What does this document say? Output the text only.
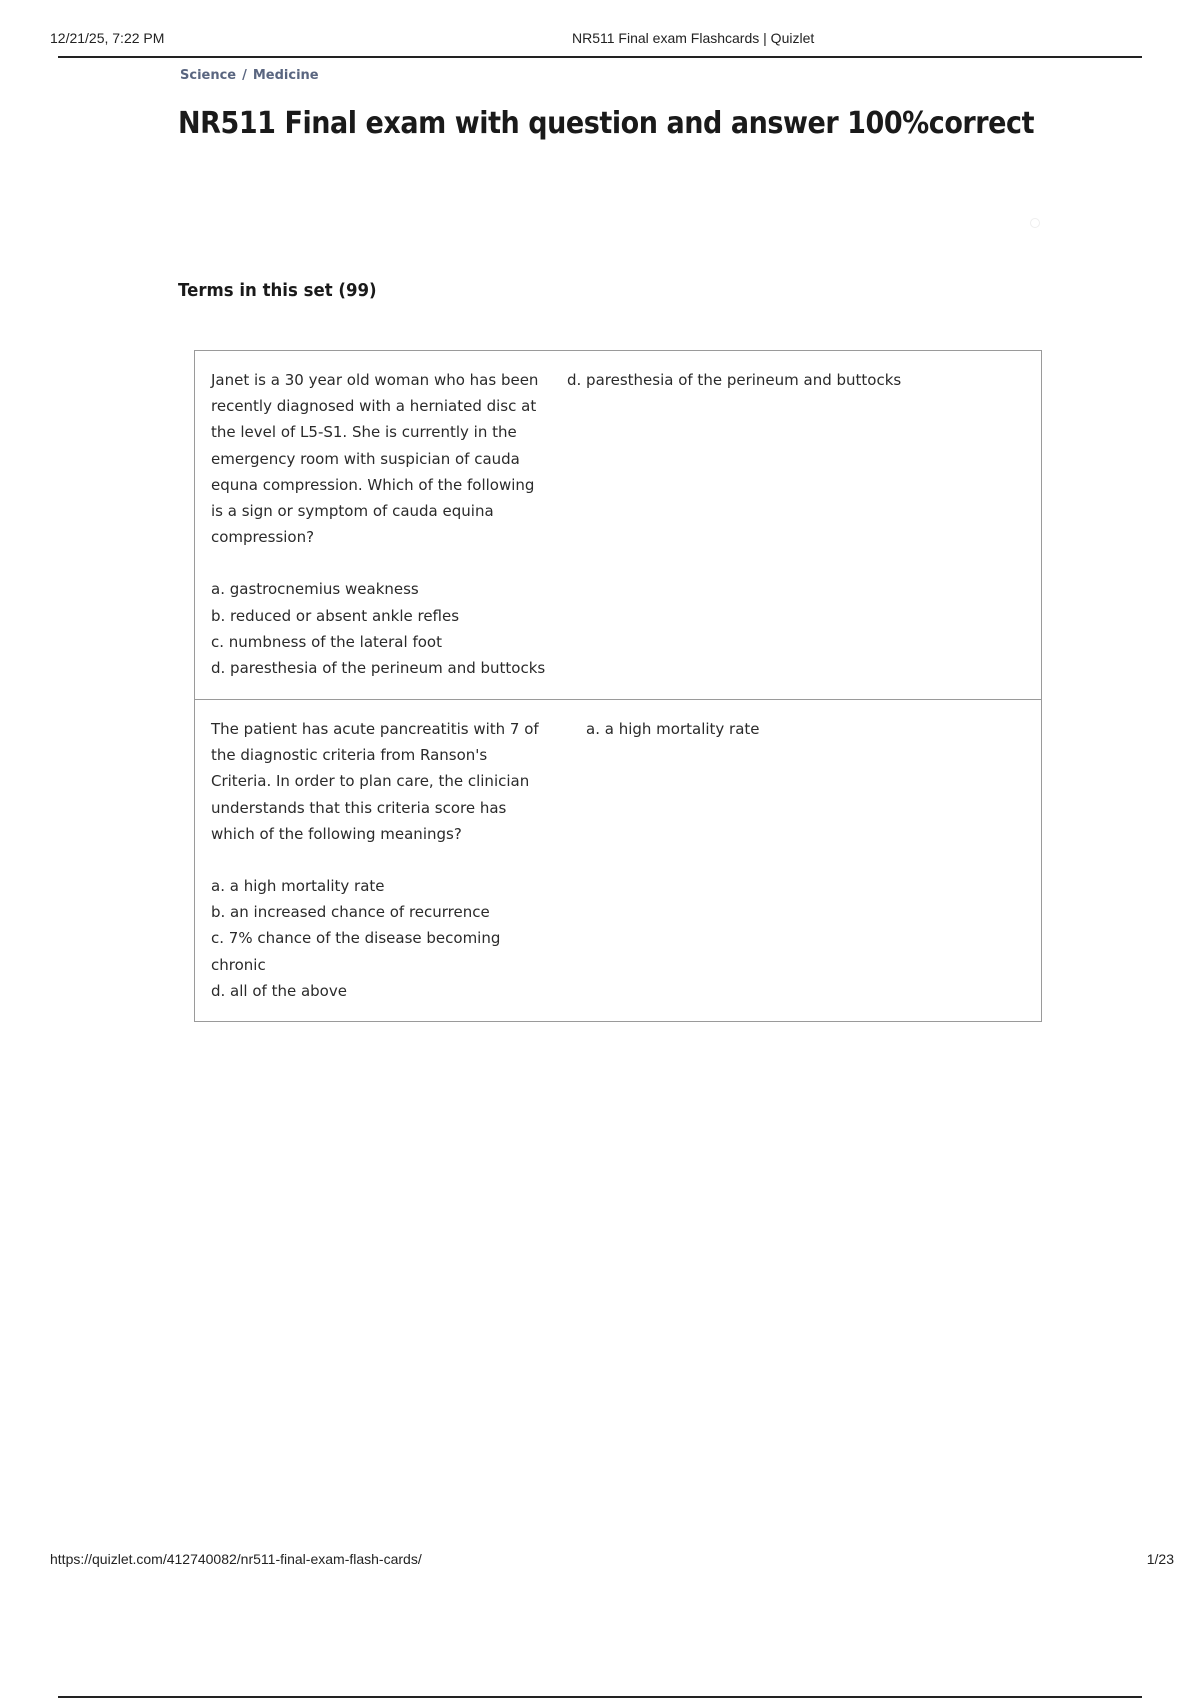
12/21/25, 7:22 PM	NR511 Final exam Flashcards | Quizlet
Science / Medicine
NR511 Final exam with question and answer 100%correct
Terms in this set (99)
Janet is a 30 year old woman who has been
recently diagnosed with a herniated disc at
the level of L5-S1. She is currently in the
emergency room with suspician of cauda
equna compression. Which of the following
is a sign or symptom of cauda equina
compression?
a. gastrocnemius weakness
b. reduced or absent ankle refles
c. numbness of the lateral foot
d. paresthesia of the perineum and buttocks
d. paresthesia of the perineum and buttocks
The patient has acute pancreatitis with 7 of
the diagnostic criteria from Ranson's
Criteria. In order to plan care, the clinician
understands that this criteria score has
which of the following meanings?
a. a high mortality rate
b. an increased chance of recurrence
c. 7% chance of the disease becoming
chronic
d. all of the above
a. a high mortality rate
https://quizlet.com/412740082/nr511-final-exam-flash-cards/	1/23
